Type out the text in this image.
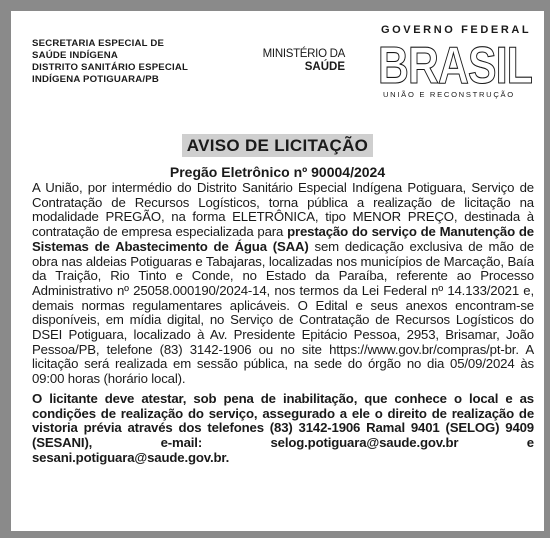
SECRETARIA ESPECIAL DE
SAÚDE INDÍGENA
DISTRITO SANITÁRIO ESPECIAL
INDÍGENA POTIGUARA/PB
MINISTÉRIO DA
SAÚDE
GOVERNO FEDERAL
BRASIL
UNIÃO E RECONSTRUÇÃO
AVISO DE LICITAÇÃO
Pregão Eletrônico nº 90004/2024

A União, por intermédio do Distrito Sanitário Especial Indígena Potiguara, Serviço de Contratação de Recursos Logísticos, torna pública a realização de licitação na modalidade PREGÃO, na forma ELETRÔNICA, tipo MENOR PREÇO, destinada à contratação de empresa especializada para prestação do serviço de Manutenção de Sistemas de Abastecimento de Água (SAA) sem dedicação exclusiva de mão de obra nas aldeias Potiguaras e Tabajaras, localizadas nos municípios de Marcação, Baía da Traição, Rio Tinto e Conde, no Estado da Paraíba, referente ao Processo Administrativo nº 25058.000190/2024-14, nos termos da Lei Federal nº 14.133/2021 e, demais normas regulamentares aplicáveis. O Edital e seus anexos encontram-se disponíveis, em mídia digital, no Serviço de Contratação de Recursos Logísticos do DSEI Potiguara, localizado à Av. Presidente Epitácio Pessoa, 2953, Brisamar, João Pessoa/PB, telefone (83) 3142-1906 ou no site https://www.gov.br/compras/pt-br. A licitação será realizada em sessão pública, na sede do órgão no dia 05/09/2024 às 09:00 horas (horário local).

O licitante deve atestar, sob pena de inabilitação, que conhece o local e as condições de realização do serviço, assegurado a ele o direito de realização de vistoria prévia através dos telefones (83) 3142-1906 Ramal 9401 (SELOG) 9409 (SESANI), e-mail: selog.potiguara@saude.gov.br e sesani.potiguara@saude.gov.br.
